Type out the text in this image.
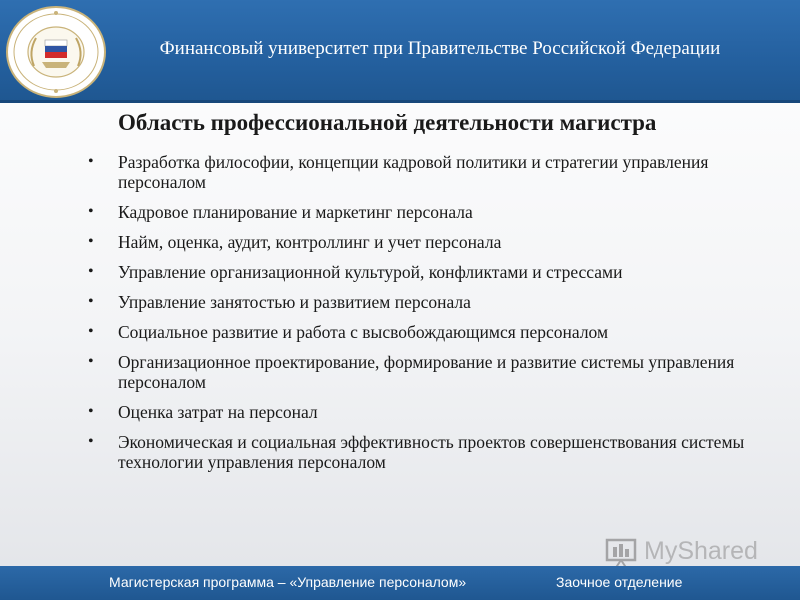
Финансовый университет при Правительстве Российской Федерации
Область профессиональной деятельности магистра
• Разработка философии, концепции кадровой политики и стратегии управления персоналом
• Кадровое планирование и маркетинг персонала
• Найм, оценка, аудит, контроллинг и учет персонала
• Управление организационной культурой, конфликтами и стрессами
• Управление занятостью и развитием персонала
• Социальное развитие и работа с высвобождающимся персоналом
• Организационное проектирование, формирование и развитие системы управления персоналом
• Оценка затрат на персонал
• Экономическая и социальная эффективность проектов совершенствования системы технологии управления персоналом
MyShared
Магистерская программа – «Управление персоналом»	Заочное отделение
